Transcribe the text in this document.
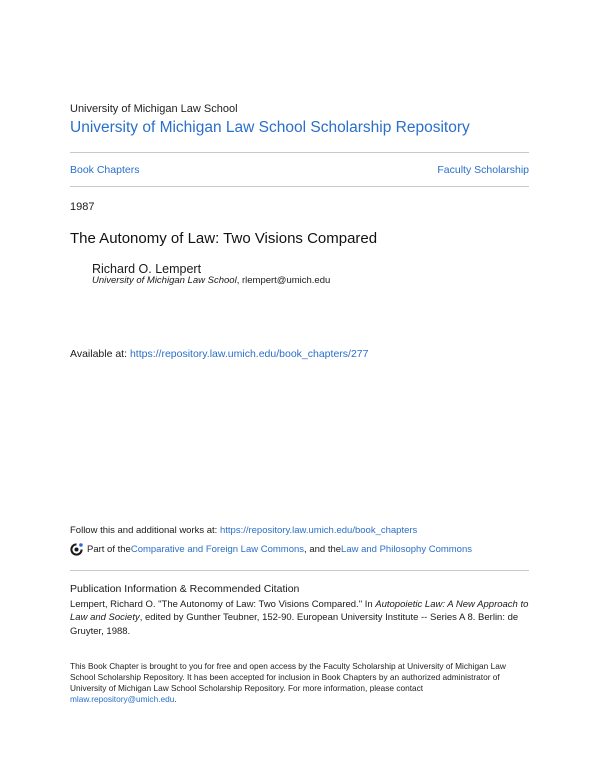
University of Michigan Law School
University of Michigan Law School Scholarship Repository
Book Chapters	Faculty Scholarship
1987
The Autonomy of Law: Two Visions Compared
Richard O. Lempert
University of Michigan Law School, rlempert@umich.edu
Available at: https://repository.law.umich.edu/book_chapters/277
Follow this and additional works at: https://repository.law.umich.edu/book_chapters
Part of the Comparative and Foreign Law Commons , and the Law and Philosophy Commons
Publication Information & Recommended Citation
Lempert, Richard O. "The Autonomy of Law: Two Visions Compared." In Autopoietic Law: A New Approach to Law and Society, edited by Gunther Teubner, 152-90. European University Institute -- Series A 8. Berlin: de Gruyter, 1988.
This Book Chapter is brought to you for free and open access by the Faculty Scholarship at University of Michigan Law School Scholarship Repository. It has been accepted for inclusion in Book Chapters by an authorized administrator of University of Michigan Law School Scholarship Repository. For more information, please contact mlaw.repository@umich.edu.
